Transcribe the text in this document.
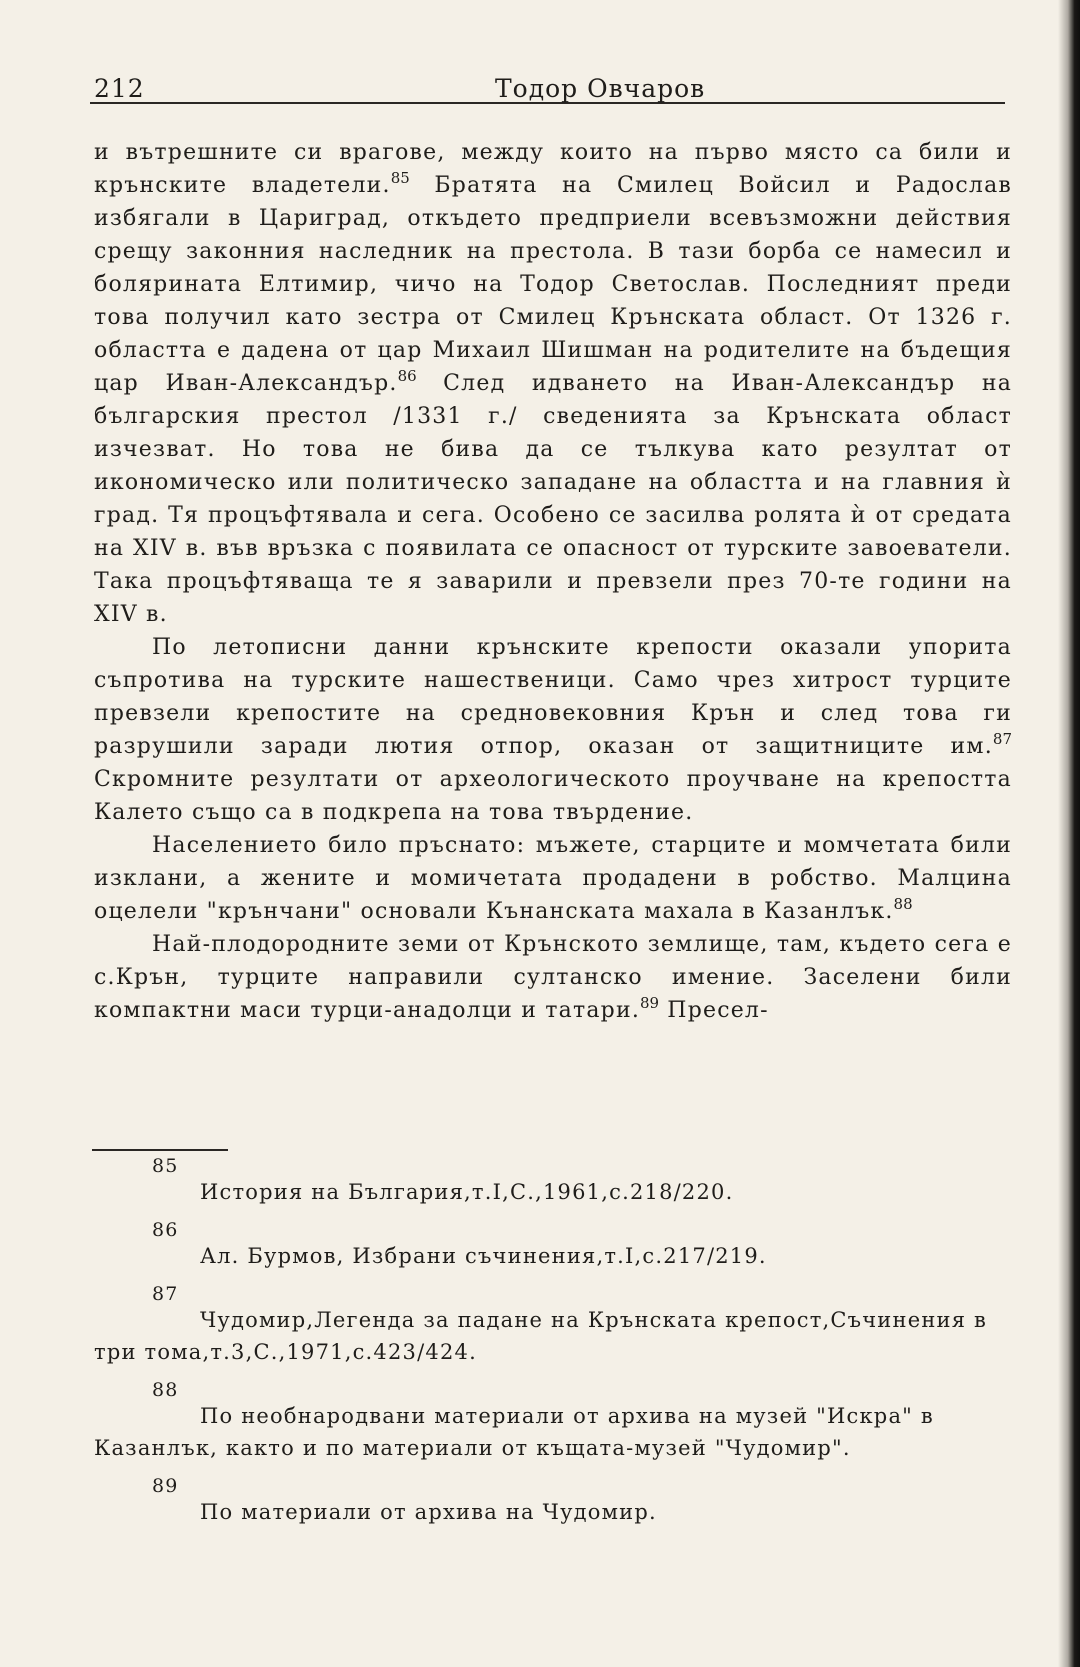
212	Тодор Овчаров

и вътрешните си врагове, между които на първо място са били и крънските владетели.$^{85}$ Братята на Смилец Войсил и Радослав избягали в Цариград, откъдето предприели всевъзможни действия срещу законния наследник на престола. В тази борба се намесил и болярината Елтимир, чичо на Тодор Светослав. Последният преди това получил като зестра от Смилец Крънската област. От 1326 г. областта е дадена от цар Михаил Шишман на родителите на бъдещия цар Иван-Александър.$^{86}$ След идването на Иван-Александър на българския престол /1331 г./ сведенията за Крънската област изчезват. Но това не бива да се тълкува като резултат от икономическо или политическо западане на областта и на главния ѝ град. Тя процъфтявала и сега. Особено се засилва ролята ѝ от средата на XIV в. във връзка с появилата се опасност от турските завоеватели. Така процъфтяваща те я заварили и превзели през 70-те години на XIV в.

По летописни данни крънските крепости оказали упорита съпротива на турските нашественици. Само чрез хитрост турците превзели крепостите на средновековния Крън и след това ги разрушили заради лютия отпор, оказан от защитниците им.$^{87}$ Скромните резултати от археологическото проучване на крепостта Калето също са в подкрепа на това твърдение.

Населението било пръснато: мъжете, старците и момчетата били изклани, а жените и момичетата продадени в робство. Малцина оцелели "крънчани" основали Кънанската махала в Казанлък.$^{88}$

Най-плодородните земи от Крънското землище, там, където сега е с.Крън, турците направили султанско имение. Заселени били компактни маси турци-анадолци и татари.$^{89}$ Пресел-

85
История на България,т.I,С.,1961,с.218/220.
86
Ал. Бурмов, Избрани съчинения,т.I,с.217/219.
87
Чудомир,Легенда за падане на Крънската крепост,Съчинения в три тома,т.3,С.,1971,с.423/424.
88
По необнародвани материали от архива на музей "Искра" в Казанлък, както и по материали от къщата-музей "Чудомир".
89
По материали от архива на Чудомир.
